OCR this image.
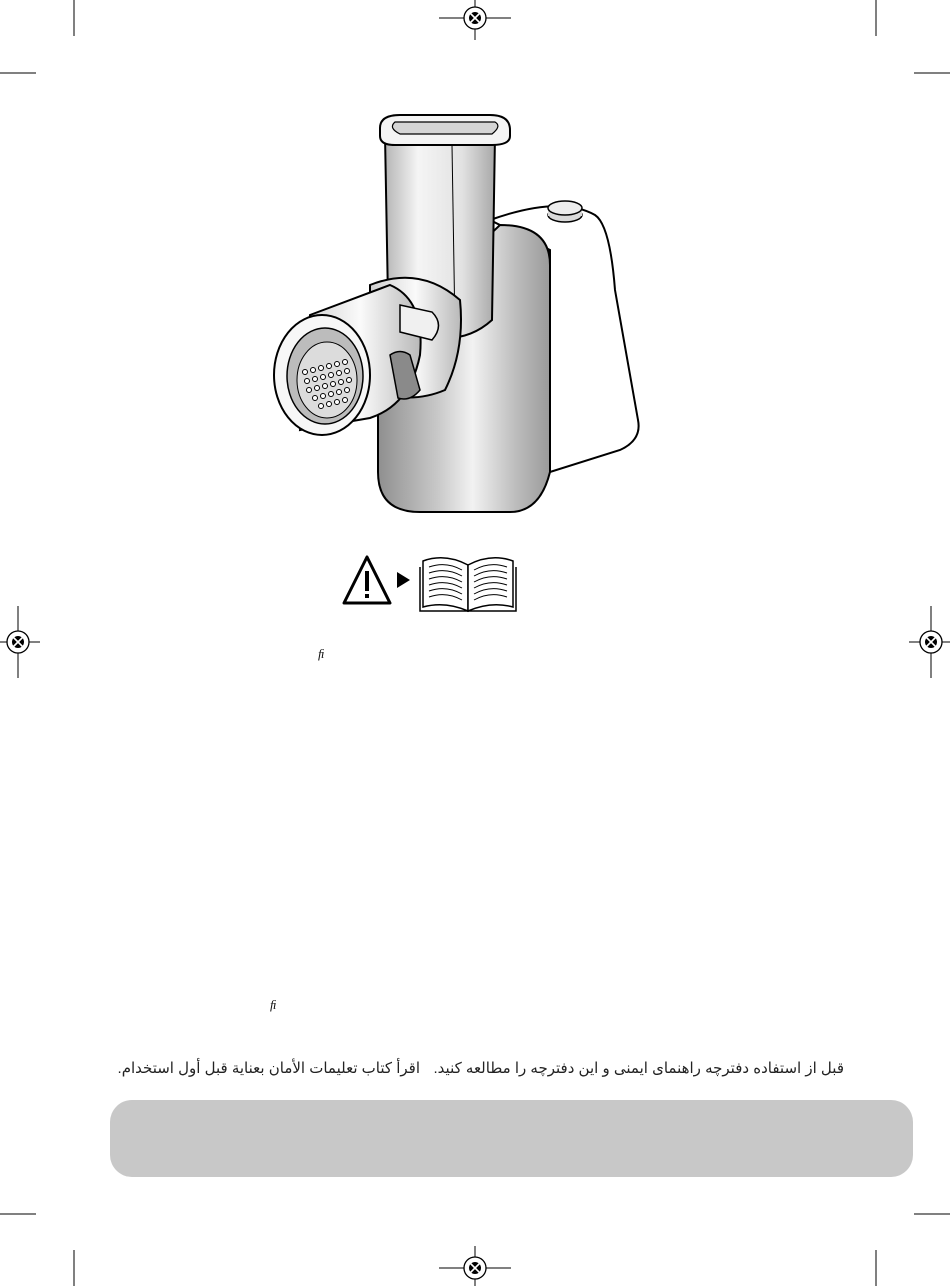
ﬁ
ﬁ
اقرأ كتاب تعليمات الأمان بعناية قبل أول استخدام. قبل از استفاده دفترچه راهنمای ایمنی و این دفترچه را مطالعه کنید.
